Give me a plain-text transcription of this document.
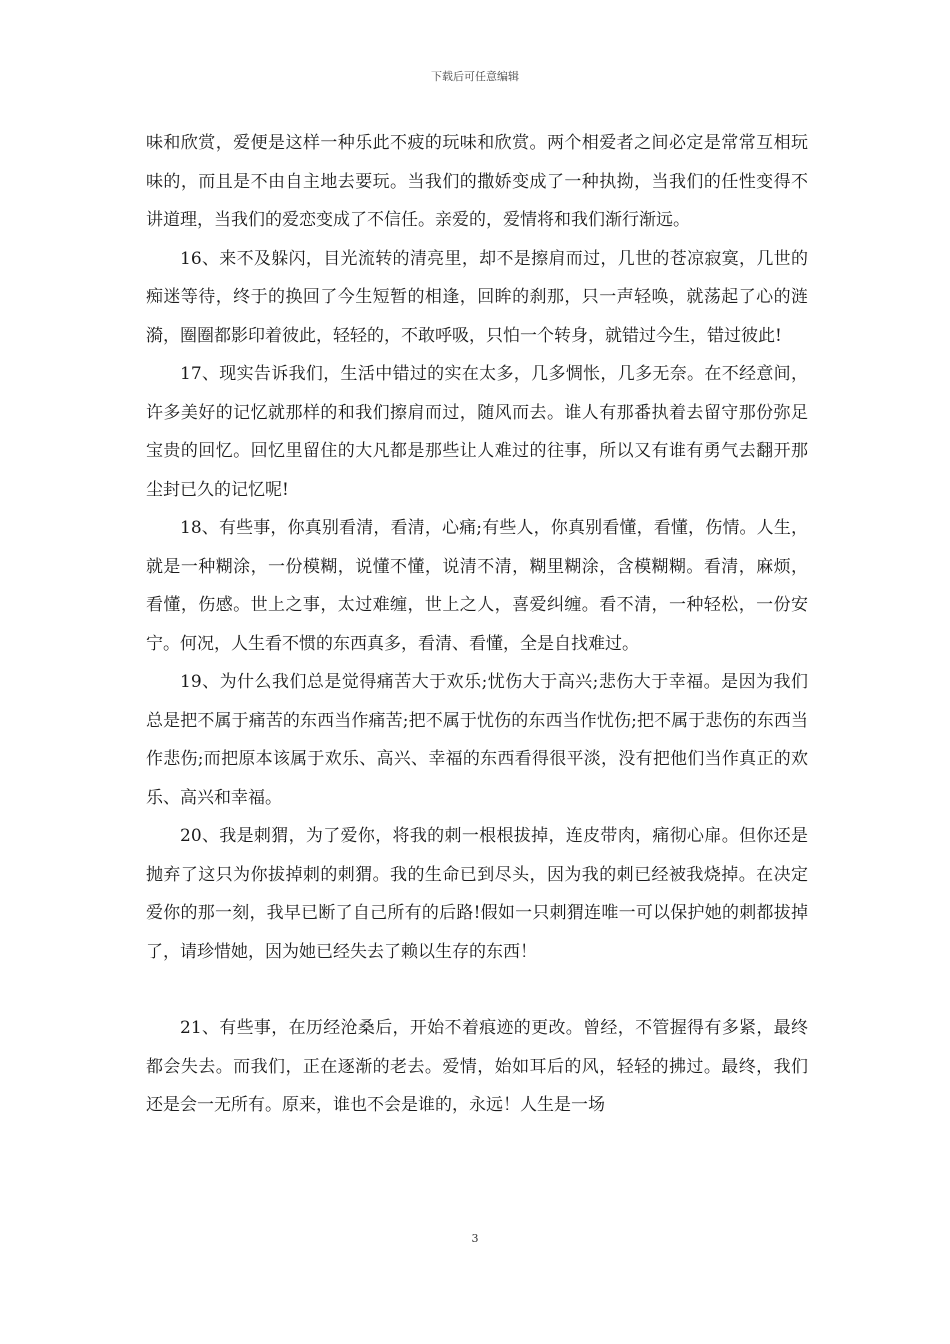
下载后可任意编辑

味和欣赏，爱便是这样一种乐此不疲的玩味和欣赏。两个相爱者之间必定是常常互相玩味的，而且是不由自主地去要玩。当我们的撒娇变成了一种执拗，当我们的任性变得不讲道理，当我们的爱恋变成了不信任。亲爱的，爱情将和我们渐行渐远。

16、来不及躲闪，目光流转的清亮里，却不是擦肩而过，几世的苍凉寂寞，几世的痴迷等待，终于的换回了今生短暂的相逢，回眸的刹那，只一声轻唤，就荡起了心的涟漪，圈圈都影印着彼此，轻轻的，不敢呼吸，只怕一个转身，就错过今生，错过彼此!

17、现实告诉我们，生活中错过的实在太多，几多惆怅，几多无奈。在不经意间，许多美好的记忆就那样的和我们擦肩而过，随风而去。谁人有那番执着去留守那份弥足宝贵的回忆。回忆里留住的大凡都是那些让人难过的往事，所以又有谁有勇气去翻开那尘封已久的记忆呢!

18、有些事，你真别看清，看清，心痛;有些人，你真别看懂，看懂，伤情。人生，就是一种糊涂，一份模糊，说懂不懂，说清不清，糊里糊涂，含模糊糊。看清，麻烦，看懂，伤感。世上之事，太过难缠，世上之人，喜爱纠缠。看不清，一种轻松，一份安宁。何况，人生看不惯的东西真多，看清、看懂，全是自找难过。

19、为什么我们总是觉得痛苦大于欢乐;忧伤大于高兴;悲伤大于幸福。是因为我们总是把不属于痛苦的东西当作痛苦;把不属于忧伤的东西当作忧伤;把不属于悲伤的东西当作悲伤;而把原本该属于欢乐、高兴、幸福的东西看得很平淡，没有把他们当作真正的欢乐、高兴和幸福。

20、我是刺猬，为了爱你，将我的刺一根根拔掉，连皮带肉，痛彻心扉。但你还是抛弃了这只为你拔掉刺的刺猬。我的生命已到尽头，因为我的刺已经被我烧掉。在决定爱你的那一刻，我早已断了自己所有的后路!假如一只刺猬连唯一可以保护她的刺都拔掉了，请珍惜她，因为她已经失去了赖以生存的东西！

21、有些事，在历经沧桑后，开始不着痕迹的更改。曾经，不管握得有多紧，最终都会失去。而我们，正在逐渐的老去。爱情，始如耳后的风，轻轻的拂过。最终，我们还是会一无所有。原来，谁也不会是谁的，永远！人生是一场

3
